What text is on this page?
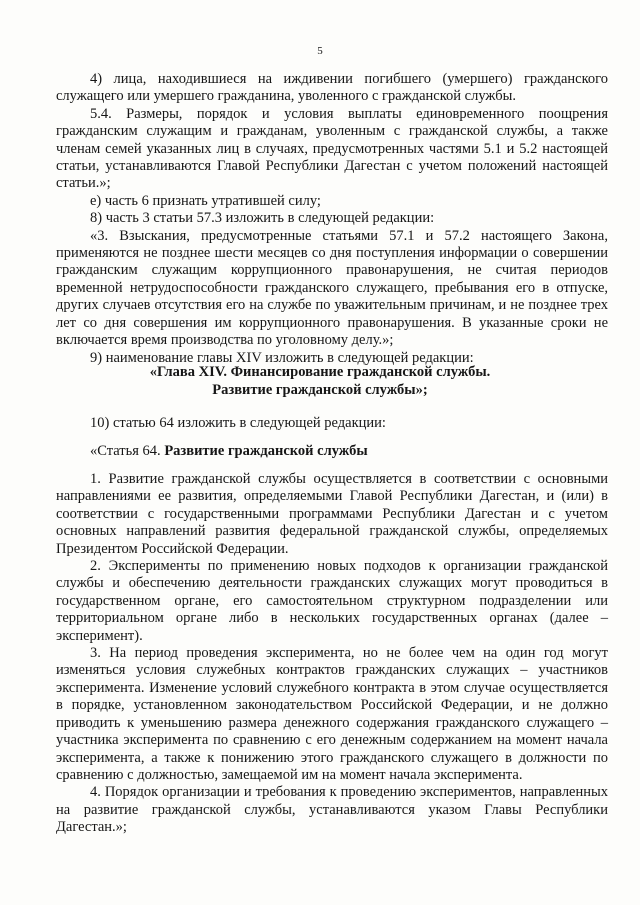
5

4) лица, находившиеся на иждивении погибшего (умершего) гражданского служащего или умершего гражданина, уволенного с гражданской службы.

5.4. Размеры, порядок и условия выплаты единовременного поощрения гражданским служащим и гражданам, уволенным с гражданской службы, а также членам семей указанных лиц в случаях, предусмотренных частями 5.1 и 5.2 настоящей статьи, устанавливаются Главой Республики Дагестан с учетом положений настоящей статьи.»;

е) часть 6 признать утратившей силу;

8) часть 3 статьи 57.3 изложить в следующей редакции:

«3. Взыскания, предусмотренные статьями 57.1 и 57.2 настоящего Закона, применяются не позднее шести месяцев со дня поступления информации о совершении гражданским служащим коррупционного правонарушения, не считая периодов временной нетрудоспособности гражданского служащего, пребывания его в отпуске, других случаев отсутствия его на службе по уважительным причинам, и не позднее трех лет со дня совершения им коррупционного правонарушения. В указанные сроки не включается время производства по уголовному делу.»;

9) наименование главы XIV изложить в следующей редакции:

«Глава XIV. Финансирование гражданской службы.
Развитие гражданской службы»;

10) статью 64 изложить в следующей редакции:

«Статья 64. Развитие гражданской службы

1. Развитие гражданской службы осуществляется в соответствии с основными направлениями ее развития, определяемыми Главой Республики Дагестан, и (или) в соответствии с государственными программами Республики Дагестан и с учетом основных направлений развития федеральной гражданской службы, определяемых Президентом Российской Федерации.

2. Эксперименты по применению новых подходов к организации гражданской службы и обеспечению деятельности гражданских служащих могут проводиться в государственном органе, его самостоятельном структурном подразделении или территориальном органе либо в нескольких государственных органах (далее – эксперимент).

3. На период проведения эксперимента, но не более чем на один год могут изменяться условия служебных контрактов гражданских служащих – участников эксперимента. Изменение условий служебного контракта в этом случае осуществляется в порядке, установленном законодательством Российской Федерации, и не должно приводить к уменьшению размера денежного содержания гражданского служащего – участника эксперимента по сравнению с его денежным содержанием на момент начала эксперимента, а также к понижению этого гражданского служащего в должности по сравнению с должностью, замещаемой им на момент начала эксперимента.

4. Порядок организации и требования к проведению экспериментов, направленных на развитие гражданской службы, устанавливаются указом Главы Республики Дагестан.»;
